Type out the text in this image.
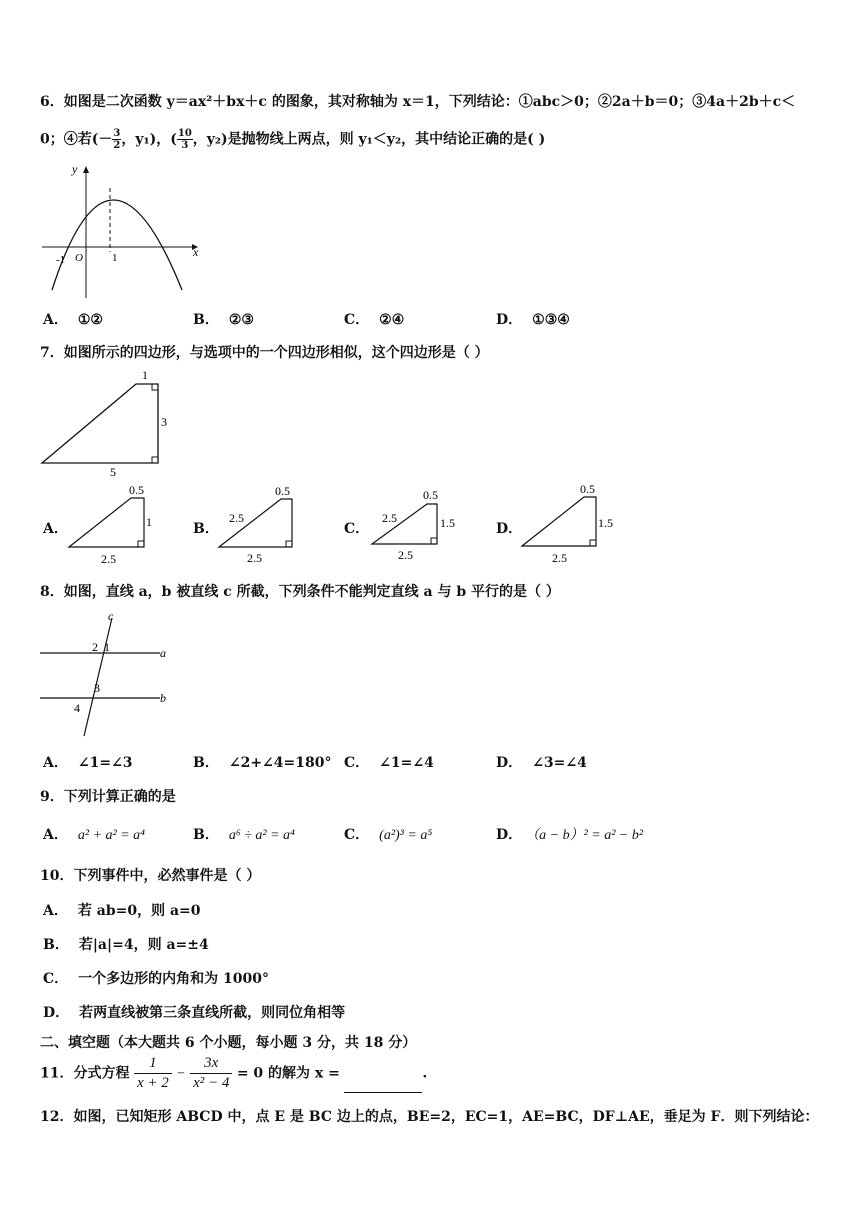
6．如图是二次函数 y＝ax²＋bx＋c 的图象，其对称轴为 x＝1，下列结论：①abc＞0；②2a＋b＝0；③4a＋2b＋c＜
0；④若(－ $\frac{3}{2}$ ，y₁)，( $\frac{10}{3}$ ，y₂)是抛物线上两点，则 y₁＜y₂，其中结论正确的是( )
y
x
O
-1	1
A． ①②	B． ②③	C． ②④	D． ①③④
7．如图所示的四边形，与选项中的一个四边形相似，这个四边形是（ ）
1
3
5
A．
0.5
1
2.5
B．
0.5
2.5
2.5
C．
0.5
1.5
2.5
2.5
D．
0.5
1.5
2.5
8．如图，直线 a，b 被直线 c 所截，下列条件不能判定直线 a 与 b 平行的是（ ）
c
a
b
2 1
3
4
A． ∠1=∠3	B． ∠2+∠4=180° C． ∠1=∠4	D． ∠3=∠4
9．下列计算正确的是
A． a² + a² = a⁴	B． a⁶ ÷ a² = a⁴	C． (a²)³ = a⁵	D． （a − b）² = a² − b²
10．下列事件中，必然事件是（ ）
A． 若 ab=0，则 a=0
B． 若|a|=4，则 a=±4
C． 一个多边形的内角和为 1000°
D． 若两直线被第三条直线所截，则同位角相等
二、填空题（本大题共 6 个小题，每小题 3 分，共 18 分）
11．分式方程 $\frac{1}{x + 2} - \frac{3x}{\text{x² − 4}} = 0$ 的解为 x =	.
12．如图，已知矩形 ABCD 中，点 E 是 BC 边上的点，BE=2，EC=1，AE=BC，DF⊥AE，垂足为 F．则下列结论：
